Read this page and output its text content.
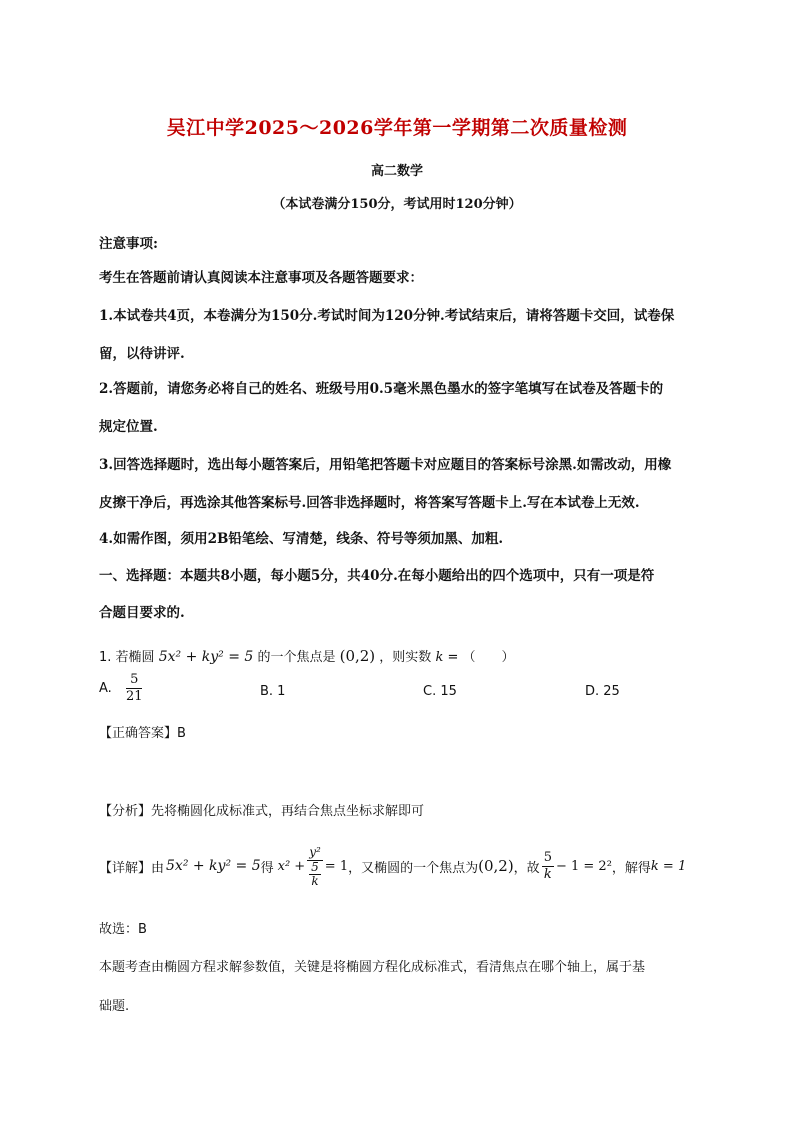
吴江中学2025～2026学年第一学期第二次质量检测
高二数学
（本试卷满分150分，考试用时120分钟）
注意事项:
考生在答题前请认真阅读本注意事项及各题答题要求：
1.本试卷共4页，本卷满分为150分.考试时间为120分钟.考试结束后，请将答题卡交回，试卷保
留，以待讲评.
2.答题前，请您务必将自己的姓名、班级号用0.5毫米黑色墨水的签字笔填写在试卷及答题卡的
规定位置.
3.回答选择题时，选出每小题答案后，用铅笔把答题卡对应题目的答案标号涂黑.如需改动，用橡
皮擦干净后，再选涂其他答案标号.回答非选择题时，将答案写答题卡上.写在本试卷上无效.
4.如需作图，须用2B铅笔绘、写清楚，线条、符号等须加黑、加粗.
一、选择题：本题共8小题，每小题5分，共40分.在每小题给出的四个选项中，只有一项是符
合题目要求的.
1. 若椭圆 5x² + ky² = 5 的一个焦点是 (0,2) ，则实数 k = （　　）
A. $\frac{5}{21}$	B. 1	C. 15	D. 25
【正确答案】B
【分析】先将椭圆化成标准式，再结合焦点坐标求解即可
【详解】由 5x² + ky² = 5 得 $x^2 + \frac{\text{y²}}{\frac{5}{k}} = 1$ ，又椭圆的一个焦点为 (0,2) ，故 $\frac{5}{k} - 1 = 2^2$ ，解得 k = 1
故选：B
本题考查由椭圆方程求解参数值，关键是将椭圆方程化成标准式，看清焦点在哪个轴上，属于基
础题.
